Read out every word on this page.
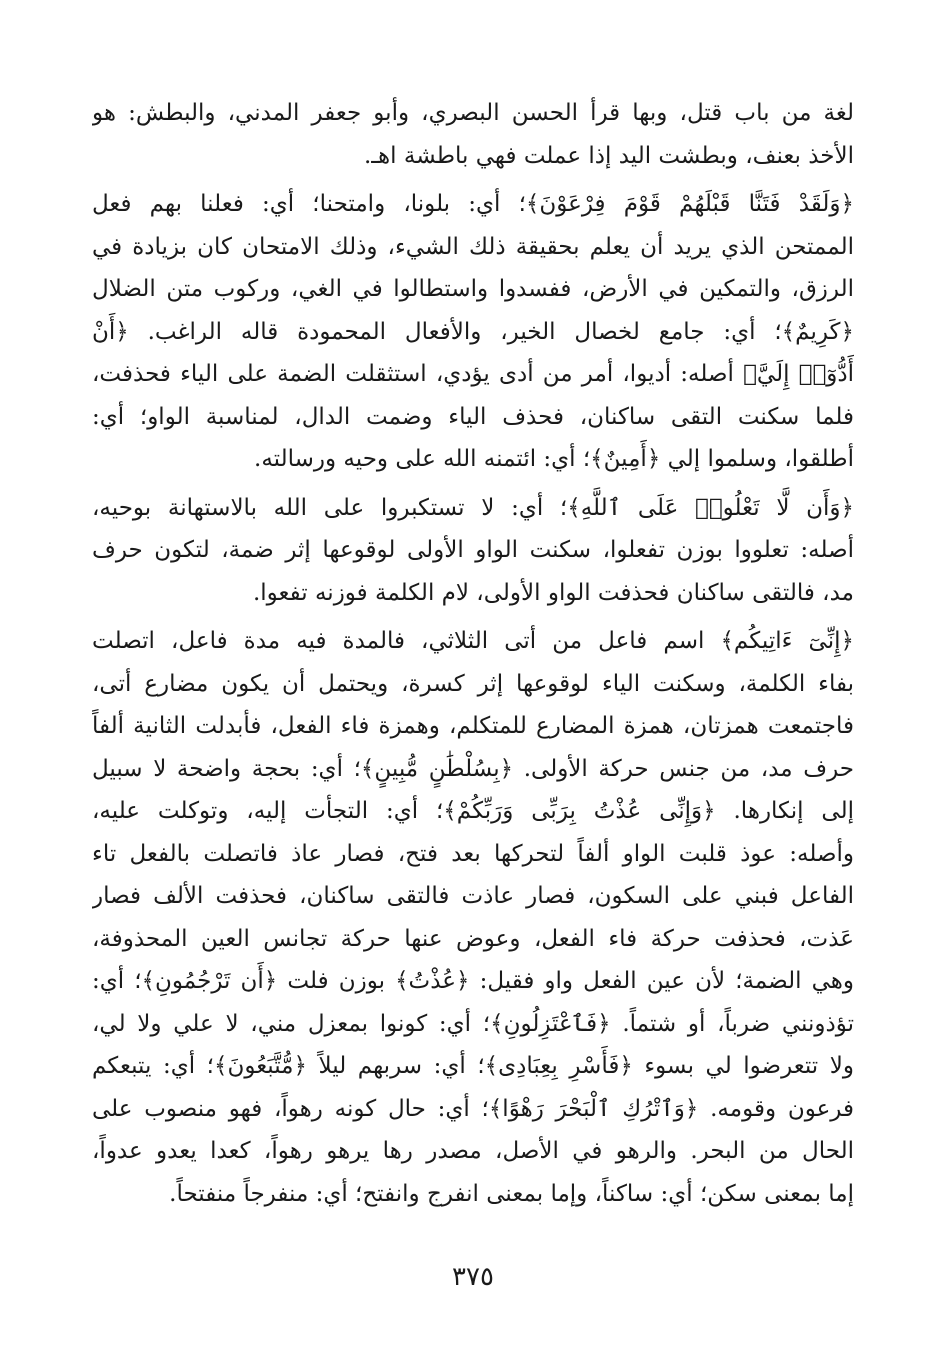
لغة من باب قتل، وبها قرأ الحسن البصري، وأبو جعفر المدني، والبطش: هو
الأخذ بعنف، وبطشت اليد إذا عملت فهي باطشة اهـ.
﴿وَلَقَدْ فَتَنَّا قَبْلَهُمْ قَوْمَ فِرْعَوْنَ﴾؛ أي: بلونا، وامتحنا؛ أي: فعلنا بهم فعل
الممتحن الذي يريد أن يعلم بحقيقة ذلك الشيء، وذلك الامتحان كان بزيادة في
الرزق، والتمكين في الأرض، ففسدوا واستطالوا في الغي، وركوب متن الضلال
﴿كَرِيمٌ﴾؛ أي: جامع لخصال الخير، والأفعال المحمودة قاله الراغب. ﴿أَنْ
أَدُّوٓا۟ إِلَيَّ﴾ أصله: أديوا، أمر من أدى يؤدي، استثقلت الضمة على الياء فحذفت،
فلما سكنت التقى ساكنان، فحذف الياء وضمت الدال، لمناسبة الواو؛ أي:
أطلقوا، وسلموا إلي ﴿أَمِينٌ﴾؛ أي: ائتمنه الله على وحيه ورسالته.
﴿وَأَن لَّا تَعْلُوا۟ عَلَى ٱللَّهِ﴾؛ أي: لا تستكبروا على الله بالاستهانة بوحيه،
أصله: تعلووا بوزن تفعلوا، سكنت الواو الأولى لوقوعها إثر ضمة، لتكون حرف
مد، فالتقى ساكنان فحذفت الواو الأولى، لام الكلمة فوزنه تفعوا.
﴿إِنِّىٓ ءَاتِيكُم﴾ اسم فاعل من أتى الثلاثي، فالمدة فيه مدة فاعل، اتصلت
بفاء الكلمة، وسكنت الياء لوقوعها إثر كسرة، ويحتمل أن يكون مضارع أتى،
فاجتمعت همزتان، همزة المضارع للمتكلم، وهمزة فاء الفعل، فأبدلت الثانية ألفاً
حرف مد، من جنس حركة الأولى. ﴿بِسُلْطَٰنٍ مُّبِينٍ﴾؛ أي: بحجة واضحة لا سبيل
إلى إنكارها. ﴿وَإِنِّى عُذْتُ بِرَبِّى وَرَبِّكُمْ﴾؛ أي: التجأت إليه، وتوكلت عليه،
وأصله: عوذ قلبت الواو ألفاً لتحركها بعد فتح، فصار عاذ فاتصلت بالفعل تاء
الفاعل فبني على السكون، فصار عاذت فالتقى ساكنان، فحذفت الألف فصار
عَذت، فحذفت حركة فاء الفعل، وعوض عنها حركة تجانس العين المحذوفة،
وهي الضمة؛ لأن عين الفعل واو فقيل: ﴿عُذْتُ﴾ بوزن فلت ﴿أَن تَرْجُمُونِ﴾؛ أي:
تؤذونني ضرباً، أو شتماً. ﴿فَٱعْتَزِلُونِ﴾؛ أي: كونوا بمعزل مني، لا علي ولا لي،
ولا تتعرضوا لي بسوء ﴿فَأَسْرِ بِعِبَادِى﴾؛ أي: سربهم ليلاً ﴿مُّتَّبَعُونَ﴾؛ أي: يتبعكم
فرعون وقومه. ﴿وَٱتْرُكِ ٱلْبَحْرَ رَهْوًا﴾؛ أي: حال كونه رهواً، فهو منصوب على
الحال من البحر. والرهو في الأصل، مصدر رها يرهو رهواً، كعدا يعدو عدواً،
إما بمعنى سكن؛ أي: ساكناً، وإما بمعنى انفرج وانفتح؛ أي: منفرجاً منفتحاً.
٣٧٥
